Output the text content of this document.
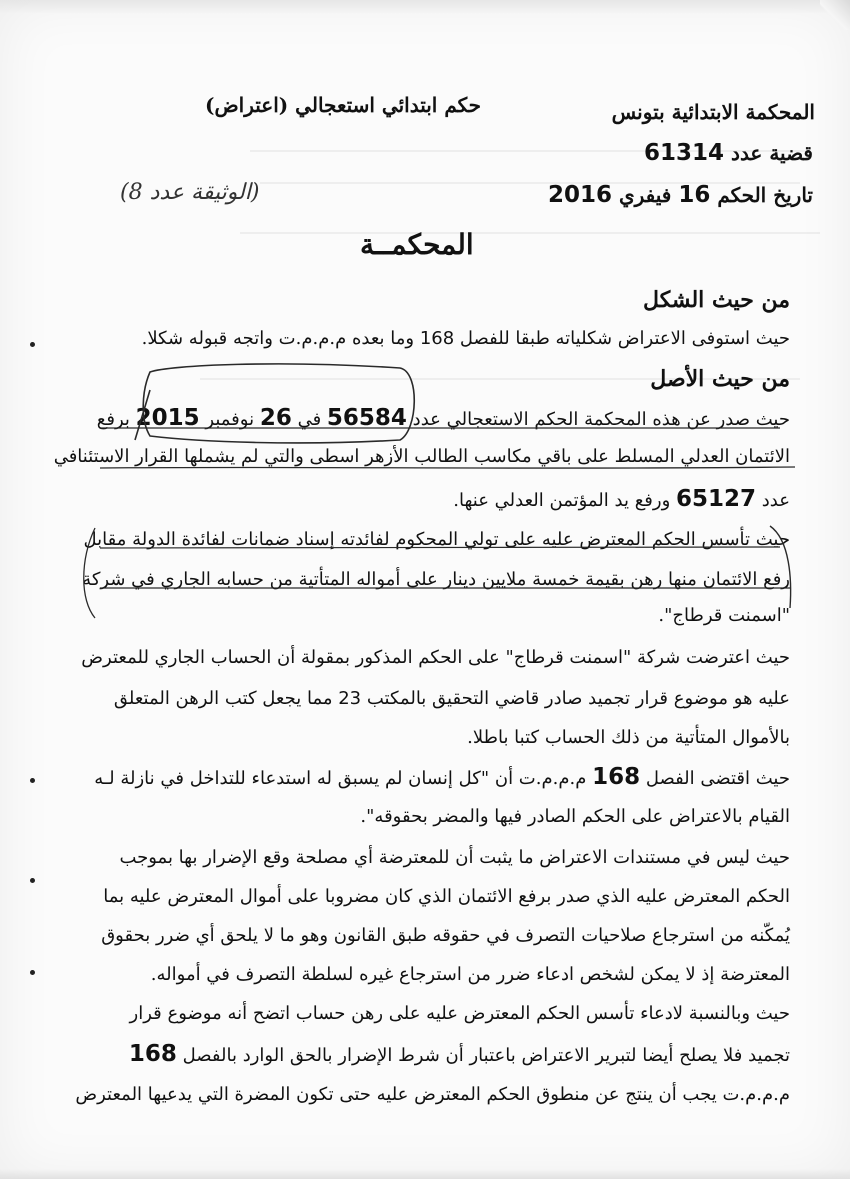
المحكمة الابتدائية بتونس
قضية عدد 61314
تاريخ الحكم 16 فيفري 2016
حكم ابتدائي استعجالي (اعتراض)
(الوثيقة عدد 8)
المحكمــة
من حيث الشكل
حيث استوفى الاعتراض شكلياته طبقا للفصل 168 وما بعده م.م.م.ت واتجه قبوله شكلا.
من حيث الأصل
حيث صدر عن هذه المحكمة الحكم الاستعجالي عدد 56584 في 26 نوفمبر 2015 برفع
الائتمان العدلي المسلط على باقي مكاسب الطالب الأزهر اسطى والتي لم يشملها القرار الاستئنافي
عدد 65127 ورفع يد المؤتمن العدلي عنها.
حيث تأسس الحكم المعترض عليه على تولي المحكوم لفائدته إسناد ضمانات لفائدة الدولة مقابل
رفع الائتمان منها رهن بقيمة خمسة ملايين دينار على أمواله المتأتية من حسابه الجاري في شركة
"اسمنت قرطاج".
حيث اعترضت شركة "اسمنت قرطاج" على الحكم المذكور بمقولة أن الحساب الجاري للمعترض
عليه هو موضوع قرار تجميد صادر قاضي التحقيق بالمكتب 23 مما يجعل كتب الرهن المتعلق
بالأموال المتأتية من ذلك الحساب كتبا باطلا.
حيث اقتضى الفصل 168 م.م.م.ت أن "كل إنسان لم يسبق له استدعاء للتداخل في نازلة لـه
القيام بالاعتراض على الحكم الصادر فيها والمضر بحقوقه".
حيث ليس في مستندات الاعتراض ما يثبت أن للمعترضة أي مصلحة وقع الإضرار بها بموجب
الحكم المعترض عليه الذي صدر برفع الائتمان الذي كان مضروبا على أموال المعترض عليه بما
يُمكّنه من استرجاع صلاحيات التصرف في حقوقه طبق القانون وهو ما لا يلحق أي ضرر بحقوق
المعترضة إذ لا يمكن لشخص ادعاء ضرر من استرجاع غيره لسلطة التصرف في أمواله.
حيث وبالنسبة لادعاء تأسس الحكم المعترض عليه على رهن حساب اتضح أنه موضوع قرار
تجميد فلا يصلح أيضا لتبرير الاعتراض باعتبار أن شرط الإضرار بالحق الوارد بالفصل 168
م.م.م.ت يجب أن ينتج عن منطوق الحكم المعترض عليه حتى تكون المضرة التي يدعيها المعترض
